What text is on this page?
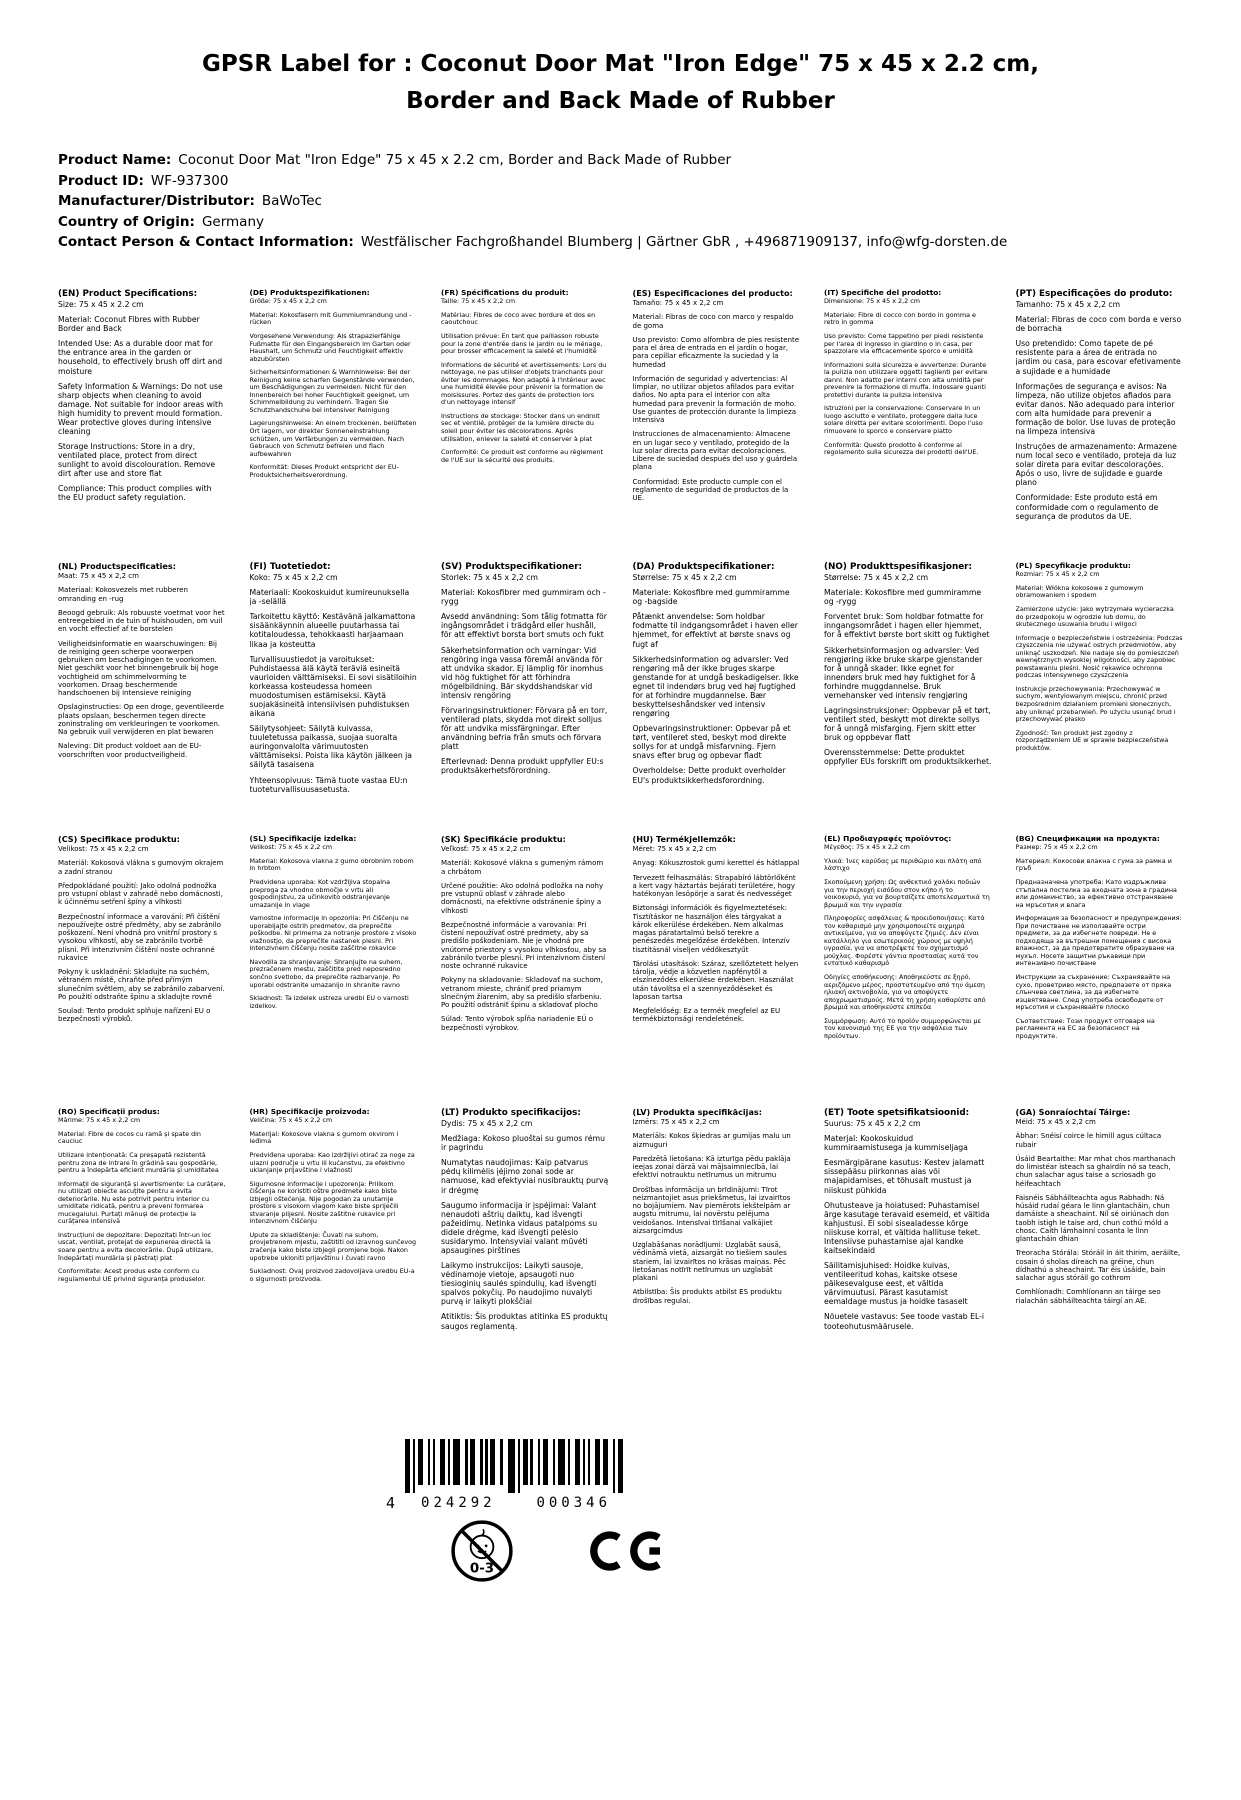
GPSR Label for : Coconut Door Mat "Iron Edge" 75 x 45 x 2.2 cm,
Border and Back Made of Rubber
Product Name: Coconut Door Mat "Iron Edge" 75 x 45 x 2.2 cm, Border and Back Made of Rubber
Product ID: WF-937300
Manufacturer/Distributor: BaWoTec
Country of Origin: Germany
Contact Person & Contact Information: Westfälischer Fachgroßhandel Blumberg | Gärtner GbR , +496871909137, info@wfg-dorsten.de
(EN) Product Specifications:

Size: 75 x 45 x 2.2 cm

Material: Coconut Fibres with Rubber Border and Back

Intended Use: As a durable door mat for the entrance area in the garden or household, to effectively brush off dirt and moisture

Safety Information & Warnings: Do not use sharp objects when cleaning to avoid damage. Not suitable for indoor areas with high humidity to prevent mould formation. Wear protective gloves during intensive cleaning

Storage Instructions: Store in a dry, ventilated place, protect from direct sunlight to avoid discolouration. Remove dirt after use and store flat

Compliance: This product complies with the EU product safety regulation.

(DE) Produktspezifikationen:

Größe: 75 x 45 x 2,2 cm

Material: Kokosfasern mit Gummiumrandung und -rücken

Vorgesehene Verwendung: Als strapazierfähige Fußmatte für den Eingangsbereich im Garten oder Haushalt, um Schmutz und Feuchtigkeit effektiv abzubürsten

Sicherheitsinformationen & Warnhinweise: Bei der Reinigung keine scharfen Gegenstände verwenden, um Beschädigungen zu vermeiden. Nicht für den Innenbereich bei hoher Feuchtigkeit geeignet, um Schimmelbildung zu verhindern. Tragen Sie Schutzhandschuhe bei intensiver Reinigung

Lagerungshinweise: An einem trockenen, belüfteten Ort lagern, vor direkter Sonneneinstrahlung schützen, um Verfärbungen zu vermeiden. Nach Gebrauch von Schmutz befreien und flach aufbewahren

Konformität: Dieses Produkt entspricht der EU-Produktsicherheitsverordnung.

(FR) Spécifications du produit:

Taille: 75 x 45 x 2,2 cm

Matériau: Fibres de coco avec bordure et dos en caoutchouc

Utilisation prévue: En tant que paillasson robuste pour la zone d'entrée dans le jardin ou le ménage, pour brosser efficacement la saleté et l'humidité

Informations de sécurité et avertissements: Lors du nettoyage, ne pas utiliser d'objets tranchants pour éviter les dommages. Non adapté à l'intérieur avec une humidité élevée pour prévenir la formation de moisissures. Portez des gants de protection lors d'un nettoyage intensif

Instructions de stockage: Stocker dans un endroit sec et ventilé, protéger de la lumière directe du soleil pour éviter les décolorations. Après utilisation, enlever la saleté et conserver à plat

Conformité: Ce produit est conforme au règlement de l'UE sur la sécurité des produits.

(ES) Especificaciones del producto:

Tamaño: 75 x 45 x 2,2 cm

Material: Fibras de coco con marco y respaldo de goma

Uso previsto: Como alfombra de pies resistente para el área de entrada en el jardín o hogar, para cepillar eficazmente la suciedad y la humedad

Información de seguridad y advertencias: Al limpiar, no utilizar objetos afilados para evitar daños. No apta para el interior con alta humedad para prevenir la formación de moho. Use guantes de protección durante la limpieza intensiva

Instrucciones de almacenamiento: Almacene en un lugar seco y ventilado, protegido de la luz solar directa para evitar decoloraciones. Libere de suciedad después del uso y guárdela plana

Conformidad: Este producto cumple con el reglamento de seguridad de productos de la UE.

(IT) Specifiche del prodotto:

Dimensione: 75 x 45 x 2,2 cm

Materiale: Fibre di cocco con bordo in gomma e retro in gomma

Uso previsto: Come tappetino per piedi resistente per l'area di ingresso in giardino o in casa, per spazzolare via efficacemente sporco e umidità

Informazioni sulla sicurezza e avvertenze: Durante la pulizia non utilizzare oggetti taglienti per evitare danni. Non adatto per interni con alta umidità per prevenire la formazione di muffa. Indossare guanti protettivi durante la pulizia intensiva

Istruzioni per la conservazione: Conservare in un luogo asciutto e ventilato, proteggere dalla luce solare diretta per evitare scolorimenti. Dopo l'uso rimuovere lo sporco e conservare piatto

Conformità: Questo prodotto è conforme al regolamento sulla sicurezza dei prodotti dell'UE.

(PT) Especificações do produto:

Tamanho: 75 x 45 x 2,2 cm

Material: Fibras de coco com borda e verso de borracha

Uso pretendido: Como tapete de pé resistente para a área de entrada no jardim ou casa, para escovar efetivamente a sujidade e a humidade

Informações de segurança e avisos: Na limpeza, não utilize objetos afiados para evitar danos. Não adequado para interior com alta humidade para prevenir a formação de bolor. Use luvas de proteção na limpeza intensiva

Instruções de armazenamento: Armazene num local seco e ventilado, proteja da luz solar direta para evitar descolorações. Após o uso, livre de sujidade e guarde plano

Conformidade: Este produto está em conformidade com o regulamento de segurança de produtos da UE.

(NL) Productspecificaties:

Maat: 75 x 45 x 2,2 cm

Materiaal: Kokosvezels met rubberen omranding en -rug

Beoogd gebruik: Als robuuste voetmat voor het entreegebied in de tuin of huishouden, om vuil en vocht effectief af te borstelen

Veiligheidsinformatie en waarschuwingen: Bij de reiniging geen scherpe voorwerpen gebruiken om beschadigingen te voorkomen. Niet geschikt voor het binnengebruik bij hoge vochtigheid om schimmelvorming te voorkomen. Draag beschermende handschoenen bij intensieve reiniging

Opslaginstructies: Op een droge, geventileerde plaats opslaan, beschermen tegen directe zoninstraling om verkleuringen te voorkomen. Na gebruik vuil verwijderen en plat bewaren

Naleving: Dit product voldoet aan de EU-voorschriften voor productveiligheid.

(FI) Tuotetiedot:

Koko: 75 x 45 x 2,2 cm

Materiaali: Kookoskuidut kumireunuksella ja -selällä

Tarkoitettu käyttö: Kestävänä jalkamattona sisäänkäynnin alueelle puutarhassa tai kotitaloudessa, tehokkaasti harjaamaan likaa ja kosteutta

Turvallisuustiedot ja varoitukset: Puhdistaessa älä käytä teräviä esineitä vaurioiden välttämiseksi. Ei sovi sisätiloihin korkeassa kosteudessa homeen muodostumisen estämiseksi. Käytä suojakäsineitä intensiivisen puhdistuksen aikana

Säilytysohjeet: Säilytä kuivassa, tuuletetussa paikassa, suojaa suoralta auringonvalolta värimuutosten välttämiseksi. Poista lika käytön jälkeen ja säilytä tasaisena

Yhteensopivuus: Tämä tuote vastaa EU:n tuoteturvallisuusasetusta.

(SV) Produktspecifikationer:

Storlek: 75 x 45 x 2,2 cm

Material: Kokosfibrer med gummiram och -rygg

Avsedd användning: Som tålig fotmatta för ingångsområdet i trädgård eller hushåll, för att effektivt borsta bort smuts och fukt

Säkerhetsinformation och varningar: Vid rengöring inga vassa föremål använda för att undvika skador. Ej lämplig för inomhus vid hög fuktighet för att förhindra mögelbildning. Bär skyddshandskar vid intensiv rengöring

Förvaringsinstruktioner: Förvara på en torr, ventilerad plats, skydda mot direkt solljus för att undvika missfärgningar. Efter användning befria från smuts och förvara platt

Efterlevnad: Denna produkt uppfyller EU:s produktsäkerhetsförordning.

(DA) Produktspecifikationer:

Størrelse: 75 x 45 x 2,2 cm

Materiale: Kokosfibre med gummiramme og -bagside

Påtænkt anvendelse: Som holdbar fodmatte til indgangsområdet i haven eller hjemmet, for effektivt at børste snavs og fugt af

Sikkerhedsinformation og advarsler: Ved rengøring må der ikke bruges skarpe genstande for at undgå beskadigelser. Ikke egnet til indendørs brug ved høj fugtighed for at forhindre mugdannelse. Bær beskyttelseshåndsker ved intensiv rengøring

Opbevaringsinstruktioner: Opbevar på et tørt, ventileret sted, beskyt mod direkte sollys for at undgå misfarvning. Fjern snavs efter brug og opbevar fladt

Overholdelse: Dette produkt overholder EU's produktsikkerhedsforordning.

(NO) Produkttspesifikasjoner:

Størrelse: 75 x 45 x 2,2 cm

Materiale: Kokosfibre med gummiramme og -rygg

Forventet bruk: Som holdbar fotmatte for inngangsområdet i hagen eller hjemmet, for å effektivt børste bort skitt og fuktighet

Sikkerhetsinformasjon og advarsler: Ved rengjøring ikke bruke skarpe gjenstander for å unngå skader. Ikke egnet for innendørs bruk med høy fuktighet for å forhindre muggdannelse. Bruk vernehansker ved intensiv rengjøring

Lagringsinstruksjoner: Oppbevar på et tørt, ventilert sted, beskytt mot direkte sollys for å unngå misfarging. Fjern skitt etter bruk og oppbevar flatt

Overensstemmelse: Dette produktet oppfyller EUs forskrift om produktsikkerhet.

(PL) Specyfikacje produktu:

Rozmiar: 75 x 45 x 2,2 cm

Materiał: Włókna kokosowe z gumowym obramowaniem i spodem

Zamierzone użycie: Jako wytrzymała wycieraczka do przedpokoju w ogrodzie lub domu, do skutecznego usuwania brudu i wilgoci

Informacje o bezpieczeństwie i ostrzeżenia: Podczas czyszczenia nie używać ostrych przedmiotów, aby uniknąć uszkodzeń. Nie nadaje się do pomieszczeń wewnętrznych wysokiej wilgotności, aby zapobiec powstawaniu pleśni. Nosić rękawice ochronne podczas intensywnego czyszczenia

Instrukcje przechowywania: Przechowywać w suchym, wentylowanym miejscu, chronić przed bezpośrednim działaniem promieni słonecznych, aby uniknąć przebarwień. Po użyciu usunąć brud i przechowywać płasko

Zgodność: Ten produkt jest zgodny z rozporządzeniem UE w sprawie bezpieczeństwa produktów.

(CS) Specifikace produktu:

Velikost: 75 x 45 x 2,2 cm

Materiál: Kokosová vlákna s gumovým okrajem a zadní stranou

Předpokládané použití: Jako odolná podnožka pro vstupní oblast v zahradě nebo domácnosti, k účinnému setření špíny a vlhkosti

Bezpečnostní informace a varování: Při čištění nepoužívejte ostré předměty, aby se zabránilo poškození. Není vhodná pro vnitřní prostory s vysokou vlhkostí, aby se zabránilo tvorbě plísní. Při intenzivním čištění noste ochranné rukavice

Pokyny k uskladnění: Skladujte na suchém, větraném místě, chraňte před přímým slunečním světlem, aby se zabránilo zabarvení. Po použití odstraňte špínu a skladujte rovně

Soulad: Tento produkt splňuje nařízení EU o bezpečnosti výrobků.

(SL) Specifikacije izdelka:

Velikost: 75 x 45 x 2,2 cm

Material: Kokosova vlakna z gumo obrobnim robom in hrbtom

Predvidena uporaba: Kot vzdržljiva stopalna preproga za vhodno območje v vrtu ali gospodinjstvu, za učinkovito odstranjevanje umazanije in vlage

Varnostne informacije in opozorila: Pri čiščenju ne uporabljajte ostrih predmetov, da preprečite poškodbe. Ni primerna za notranje prostore z visoko vlažnostjo, da preprečite nastanek plesni. Pri intenzivnem čiščenju nosite zaščitne rokavice

Navodila za shranjevanje: Shranjujte na suhem, prezračenem mestu, zaščitite pred neposredno sončno svetlobo, da preprečite razbarvanje. Po uporabi odstranite umazanijo in shranite ravno

Skladnost: Ta izdelek ustreza uredbi EU o varnosti izdelkov.

(SK) Špecifikácie produktu:

Veľkosť: 75 x 45 x 2,2 cm

Materiál: Kokosové vlákna s gumeným rámom a chrbátom

Určené použitie: Ako odolná podložka na nohy pre vstupnú oblasť v záhrade alebo domácnosti, na efektívne odstránenie špiny a vlhkosti

Bezpečnostné informácie a varovania: Pri čistení nepoužívať ostré predmety, aby sa predišlo poškodeniam. Nie je vhodná pre vnútorné priestory s vysokou vlhkosťou, aby sa zabránilo tvorbe plesní. Pri intenzívnom čistení noste ochranné rukavice

Pokyny na skladovanie: Skladovať na suchom, vetranom mieste, chrániť pred priamym slnečným žiarením, aby sa predišlo sfarbeniu. Po použití odstrániť špinu a skladovať plocho

Súlad: Tento výrobok spĺňa nariadenie EÚ o bezpečnosti výrobkov.

(HU) Termékjellemzők:

Méret: 75 x 45 x 2,2 cm

Anyag: Kókuszrostok gumi kerettel és hátlappal

Tervezett felhasználás: Strapabíró lábtörlőként a kert vagy háztartás bejárati területére, hogy hatékonyan lesöpörje a sarat és nedvességet

Biztonsági információk és figyelmeztetések: Tisztításkor ne használjon éles tárgyakat a károk elkerülése érdekében. Nem alkalmas magas páratartalmú belső terekre a penészedés megelőzése érdekében. Intenzív tisztításnál viseljen védőkesztyűt

Tárolási utasítások: Száraz, szellőztetett helyen tárolja, védje a közvetlen napfénytől a elszíneződés elkerülése érdekében. Használat után távolítsa el a szennyeződéseket és laposan tartsa

Megfelelőség: Ez a termék megfelel az EU termékbiztonsági rendeletének.

(EL) Προδιαγραφές προϊόντος:

Μέγεθος: 75 x 45 x 2,2 cm

Υλικά: Ίνες καρύδας με περιθώριο και πλάτη από λάστιχο

Σκοπούμενη χρήση: Ως ανθεκτικό χαλάκι ποδιών για την περιοχή εισόδου στον κήπο ή το νοικοκυριό, για να βουρτσίζετε αποτελεσματικά τη βρωμιά και την υγρασία

Πληροφορίες ασφάλειας & προειδοποιήσεις: Κατά τον καθαρισμό μην χρησιμοποιείτε αιχμηρά αντικείμενα, για να αποφύγετε ζημιές. Δεν είναι κατάλληλο για εσωτερικούς χώρους με υψηλή υγρασία, για να αποτρέψετε τον σχηματισμό μούχλας. Φορέστε γάντια προστασίας κατά τον εντατικό καθαρισμό

Οδηγίες αποθήκευσης: Αποθηκεύστε σε ξηρό, αεριζόμενο μέρος, προστατευμένο από την άμεση ηλιακή ακτινοβολία, για να αποφύγετε αποχρωματισμούς. Μετά τη χρήση καθαρίστε από βρωμιά και αποθηκεύστε επίπεδα

Συμμόρφωση: Αυτό το προϊόν συμμορφώνεται με τον κανονισμό της ΕΕ για την ασφάλεια των προϊόντων.

(BG) Спецификации на продукта:

Размер: 75 x 45 x 2,2 cm

Материал: Кокосови влакна с гума за рамка и гръб

Предназначена употреба: Като издръжлива стъпална постелка за входната зона в градина или домакинство, за ефективно отстраняване на мръсотия и влага

Информация за безопасност и предупреждения: При почистване не използвайте остри предмети, за да избегнете повреди. Не е подходяща за вътрешни помещения с висока влажност, за да предотвратите образуване на мухъл. Носете защитни ръкавици при интензивно почистване

Инструкции за съхранение: Съхранявайте на сухо, проветриво място, предпазете от пряка слънчева светлина, за да избегнете изцвятяване. След употреба освободете от мръсотия и съхранявайте плоско

Съответствие: Този продукт отговаря на регламента на ЕС за безопасност на продуктите.

(RO) Specificații produs:

Mărime: 75 x 45 x 2,2 cm

Material: Fibre de cocos cu ramă și spate din cauciuc

Utilizare intenționată: Ca preșapată rezistentă pentru zona de intrare în grădină sau gospodărie, pentru a îndepărta eficient murdăria și umiditatea

Informații de siguranță și avertismente: La curățare, nu utilizați obiecte ascuțite pentru a evita deteriorările. Nu este potrivit pentru interior cu umiditate ridicată, pentru a preveni formarea mucegaiului. Purtați mănuși de protecție la curățarea intensivă

Instrucțiuni de depozitare: Depozitați într-un loc uscat, ventilat, protejat de expunerea directă la soare pentru a evita decolorările. După utilizare, îndepărtați murdăria și păstrați plat

Conformitate: Acest produs este conform cu regulamentul UE privind siguranța produselor.

(HR) Specifikacije proizvoda:

Veličina: 75 x 45 x 2,2 cm

Materijal: Kokosove vlakna s gumom okvirom i leđima

Predviđena uporaba: Kao izdržljivi otirač za noge za ulazni područje u vrtu ili kućanstvu, za efektivno uklanjanje prljavštine i vlažnosti

Sigurnosne informacije i upozorenja: Prilikom čišćenja ne koristiti oštre predmete kako biste izbjegli oštećenja. Nije pogodan za unutarnje prostore s visokom vlagom kako biste spriječili stvaranje plijesni. Nosite zaštitne rukavice pri intenzivnom čišćenju

Upute za skladištenje: Čuvati na suhom, provjetrenom mjestu, zaštititi od izravnog sunčevog zračenja kako biste izbjegli promjene boje. Nakon upotrebe ukloniti prljavštinu i čuvati ravno

Sukladnost: Ovaj proizvod zadovoljava uredbu EU-a o sigurnosti proizvoda.

(LT) Produkto specifikacijos:

Dydis: 75 x 45 x 2,2 cm

Medžiaga: Kokoso pluoštai su gumos rėmu ir pagrindu

Numatytas naudojimas: Kaip patvarus pėdų kilimėlis įėjimo zonai sode ar namuose, kad efektyviai nusibrauktų purvą ir drėgmę

Saugumo informacija ir įspėjimai: Valant nenaudoti aštrių daiktų, kad išvengti pažeidimų. Netinka vidaus patalpoms su didele drėgme, kad išvengti pelėsio susidarymo. Intensyviai valant mūvėti apsaugines pirštines

Laikymo instrukcijos: Laikyti sausoje, vėdinamoje vietoje, apsaugoti nuo tiesioginių saulės spindulių, kad išvengti spalvos pokyčių. Po naudojimo nuvalyti purvą ir laikyti plokščiai

Atitiktis: Šis produktas atitinka ES produktų saugos reglamentą.

(LV) Produkta specifikācijas:

Izmērs: 75 x 45 x 2,2 cm

Materiāls: Kokos šķiedras ar gumijas malu un aizmuguri

Paredzētā lietošana: Kā izturīga pēdu paklāja ieejas zonai dārzā vai mājsaimniecībā, lai efektīvi notrauktu netīrumus un mitrumu

Drošības informācija un brīdinājumi: Tīrot neizmantojiet asus priekšmetus, lai izvairītos no bojājumiem. Nav piemērots iekštelpām ar augstu mitrumu, lai novērstu pelējuma veidošanos. Intensīvai tīrīšanai valkājiet aizsargcimdus

Uzglabāšanas norādījumi: Uzglabāt sausā, vēdināmā vietā, aizsargāt no tiešiem saules stariem, lai izvairītos no krāsas maiņas. Pēc lietošanas notīrīt netīrumus un uzglabāt plakani

Atbilstība: Šis produkts atbilst ES produktu drošības regulai.

(ET) Toote spetsifikatsioonid:

Suurus: 75 x 45 x 2,2 cm

Materjal: Kookoskuidud kummiraamistusega ja kummiseljaga

Eesmärgipärane kasutus: Kestev jalamatt sissepääsu piirkonnas aias või majapidamises, et tõhusalt mustust ja niiskust pühkida

Ohutusteave ja hoiatused: Puhastamisel ärge kasutage teravaid esemeid, et vältida kahjustusi. Ei sobi sisealadesse kõrge niiskuse korral, et vältida hallituse teket. Intensiivse puhastamise ajal kandke kaitsekindaid

Säilitamisjuhised: Hoidke kuivas, ventileeritud kohas, kaitske otsese päikesevalguse eest, et vältida värvimuutusi. Pärast kasutamist eemaldage mustus ja hoidke tasaselt

Nõuetele vastavus: See toode vastab EL-i tooteohutusmäärusele.

(GA) Sonraíochtaí Táirge:

Méid: 75 x 45 x 2,2 cm

Ábhar: Snéisí coirce le himill agus cúltaca rubair

Úsáid Beartaithe: Mar mhat chos marthanach do limistéar isteach sa ghairdín nó sa teach, chun salachar agus taise a scriosadh go héifeachtach

Faisnéis Sábháilteachta agus Rabhadh: Ná húsáid rudaí géara le linn glantacháin, chun damáiste a sheachaint. Níl sé oiriúnach don taobh istigh le taise ard, chun cothú móld a chosc. Caith lámhainní cosanta le linn glantacháin dhian

Treoracha Stórála: Stóráil in áit thirim, aeráilte, cosain ó sholas díreach na gréine, chun dídhathú a sheachaint. Tar éis úsáide, bain salachar agus stóráil go cothrom

Comhlíonadh: Comhlíonann an táirge seo rialachán sábháilteachta táirgí an AE.

4 024292	000346
0-3
